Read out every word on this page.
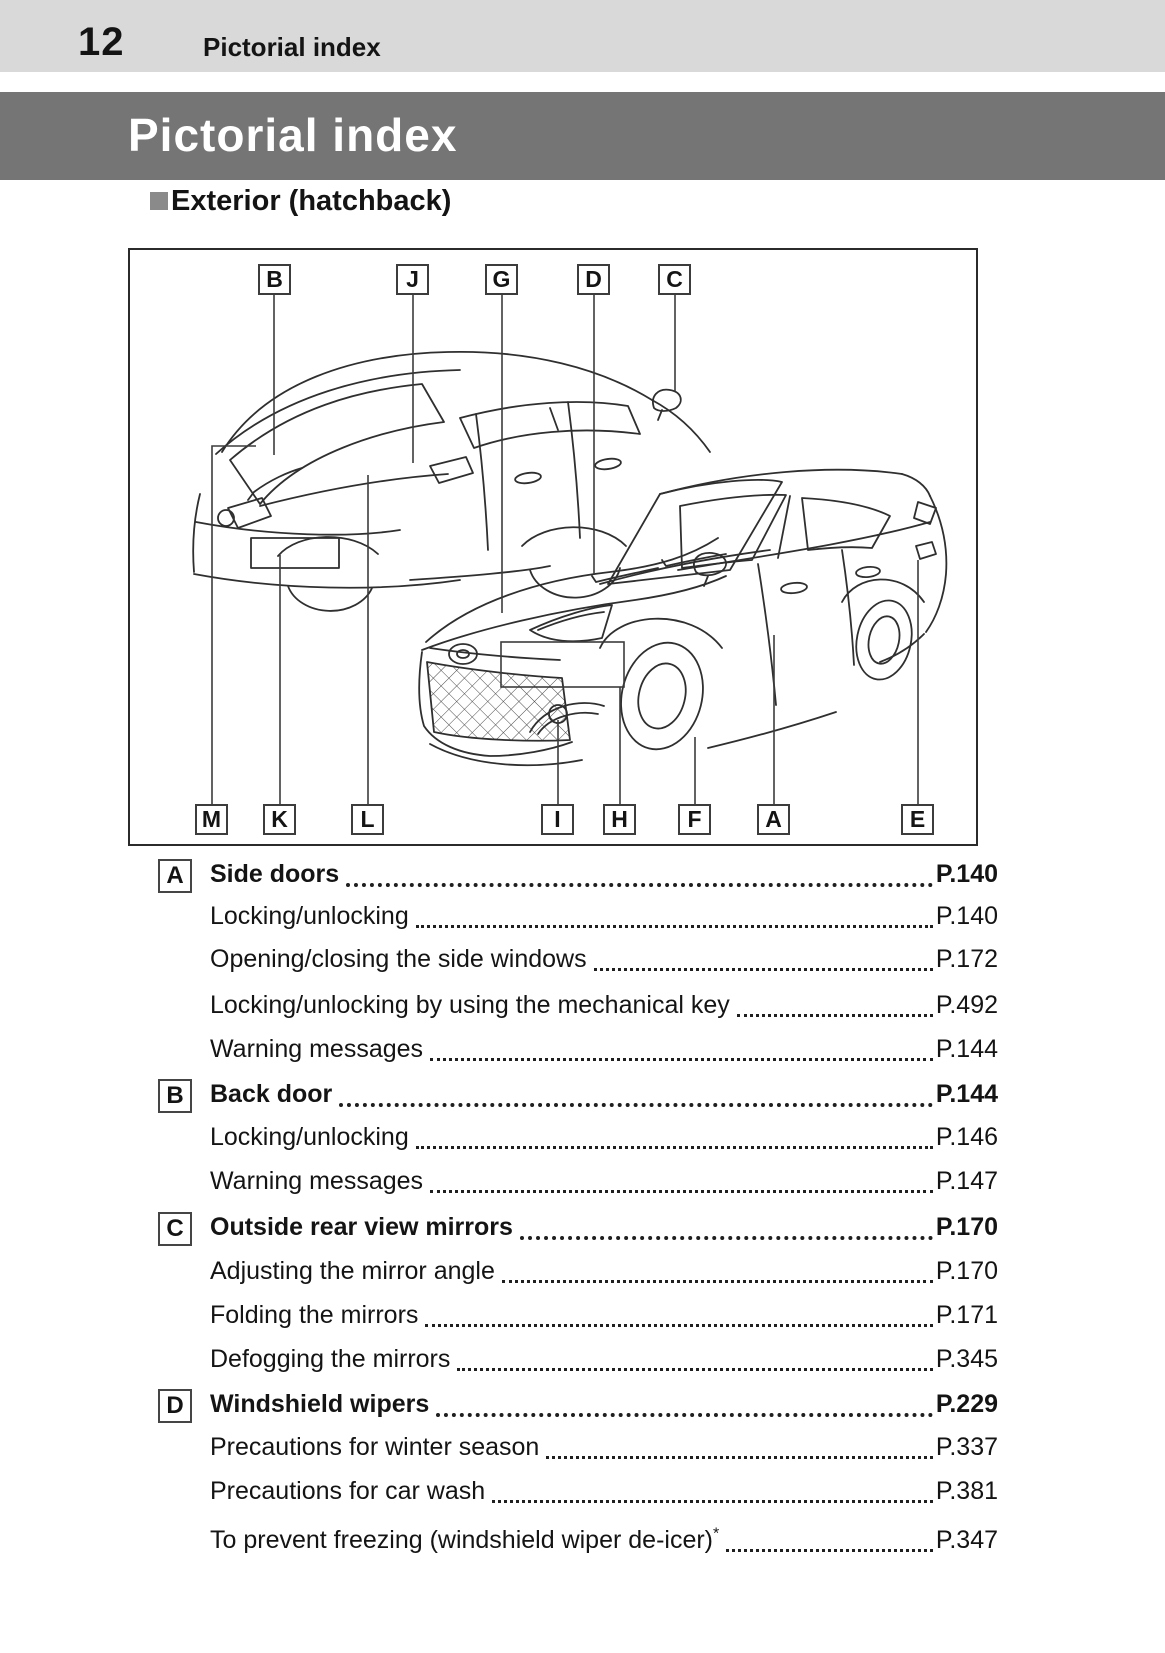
12	Pictorial index
Pictorial index
Exterior (hatchback)
B	J	G	D	C
M	K	L	I	H	F	A	E
A	Side doors	P.140
Locking/unlocking	P.140
Opening/closing the side windows	P.172
Locking/unlocking by using the mechanical key	P.492
Warning messages	P.144
B	Back door	P.144
Locking/unlocking	P.146
Warning messages	P.147
C	Outside rear view mirrors	P.170
Adjusting the mirror angle	P.170
Folding the mirrors	P.171
Defogging the mirrors	P.345
D	Windshield wipers	P.229
Precautions for winter season	P.337
Precautions for car wash	P.381
To prevent freezing (windshield wiper de-icer)*	P.347
